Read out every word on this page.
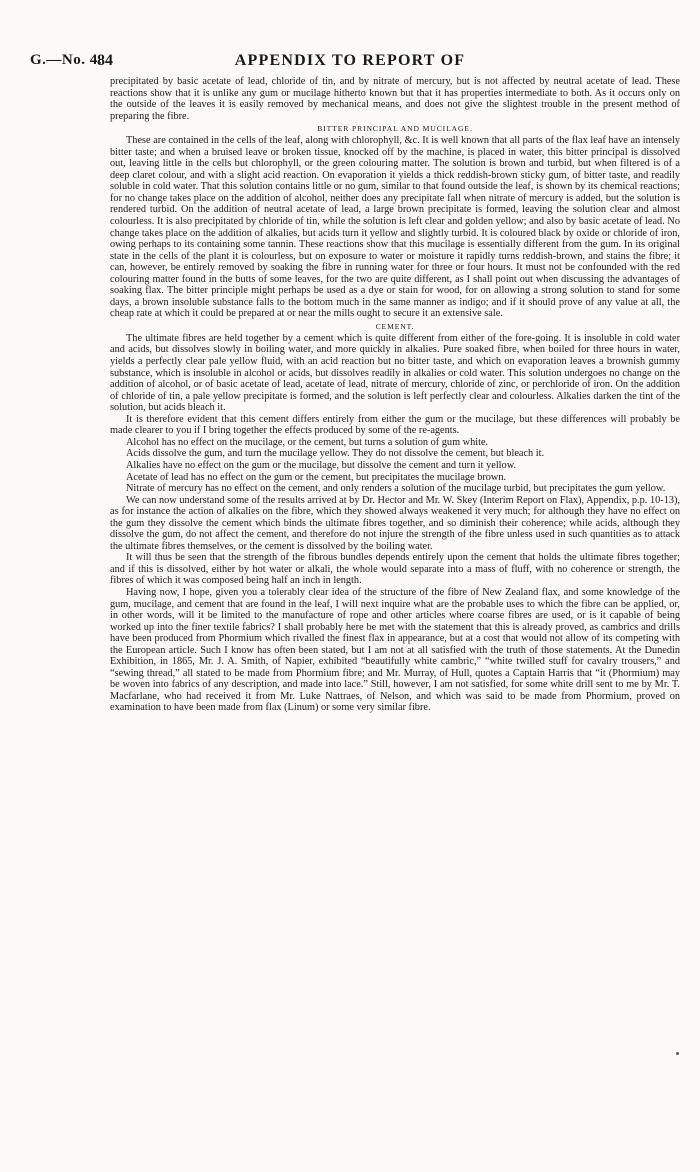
G.—No. 4.
84	APPENDIX TO REPORT OF

precipitated by basic acetate of lead, chloride of tin, and by nitrate of mercury, but is not affected by neutral acetate of lead. These reactions show that it is unlike any gum or mucilage hitherto known but that it has properties intermediate to both. As it occurs only on the outside of the leaves it is easily removed by mechanical means, and does not give the slightest trouble in the present method of preparing the fibre.

BITTER PRINCIPAL AND MUCILAGE.

These are contained in the cells of the leaf, along with chlorophyll, &c. It is well known that all parts of the flax leaf have an intensely bitter taste; and when a bruised leave or broken tissue, knocked off by the machine, is placed in water, this bitter principal is dissolved out, leaving little in the cells but chlorophyll, or the green colouring matter. The solution is brown and turbid, but when filtered is of a deep claret colour, and with a slight acid reaction. On evaporation it yields a thick reddish-brown sticky gum, of bitter taste, and readily soluble in cold water. That this solution contains little or no gum, similar to that found outside the leaf, is shown by its chemical reactions; for no change takes place on the addition of alcohol, neither does any precipitate fall when nitrate of mercury is added, but the solution is rendered turbid. On the addition of neutral acetate of lead, a large brown precipitate is formed, leaving the solution clear and almost colourless. It is also precipitated by chloride of tin, while the solution is left clear and golden yellow; and also by basic acetate of lead. No change takes place on the addition of alkalies, but acids turn it yellow and slightly turbid. It is coloured black by oxide or chloride of iron, owing perhaps to its containing some tannin. These reactions show that this mucilage is essentially different from the gum. In its original state in the cells of the plant it is colourless, but on exposure to water or moisture it rapidly turns reddish-brown, and stains the fibre; it can, however, be entirely removed by soaking the fibre in running water for three or four hours. It must not be confounded with the red colouring matter found in the butts of some leaves, for the two are quite different, as I shall point out when discussing the advantages of soaking flax. The bitter principle might perhaps be used as a dye or stain for wood, for on allowing a strong solution to stand for some days, a brown insoluble substance falls to the bottom much in the same manner as indigo; and if it should prove of any value at all, the cheap rate at which it could be prepared at or near the mills ought to secure it an extensive sale.

CEMENT.

The ultimate fibres are held together by a cement which is quite different from either of the fore-going. It is insoluble in cold water and acids, but dissolves slowly in boiling water, and more quickly in alkalies. Pure soaked fibre, when boiled for three hours in water, yields a perfectly clear pale yellow fluid, with an acid reaction but no bitter taste, and which on evaporation leaves a brownish gummy substance, which is insoluble in alcohol or acids, but dissolves readily in alkalies or cold water. This solution undergoes no change on the addition of alcohol, or of basic acetate of lead, acetate of lead, nitrate of mercury, chloride of zinc, or perchloride of iron. On the addition of chloride of tin, a pale yellow precipitate is formed, and the solution is left perfectly clear and colourless. Alkalies darken the tint of the solution, but acids bleach it.

It is therefore evident that this cement differs entirely from either the gum or the mucilage, but these differences will probably be made clearer to you if I bring together the effects produced by some of the re-agents.

Alcohol has no effect on the mucilage, or the cement, but turns a solution of gum white.

Acids dissolve the gum, and turn the mucilage yellow. They do not dissolve the cement, but bleach it.

Alkalies have no effect on the gum or the mucilage, but dissolve the cement and turn it yellow.

Acetate of lead has no effect on the gum or the cement, but precipitates the mucilage brown.

Nitrate of mercury has no effect on the cement, and only renders a solution of the mucilage turbid, but precipitates the gum yellow.

We can now understand some of the results arrived at by Dr. Hector and Mr. W. Skey (Interim Report on Flax), Appendix, p.p. 10-13), as for instance the action of alkalies on the fibre, which they showed always weakened it very much; for although they have no effect on the gum they dissolve the cement which binds the ultimate fibres together, and so diminish their coherence; while acids, although they dissolve the gum, do not affect the cement, and therefore do not injure the strength of the fibre unless used in such quantities as to attack the ultimate fibres themselves, or the cement is dissolved by the boiling water.

It will thus be seen that the strength of the fibrous bundles depends entirely upon the cement that holds the ultimate fibres together; and if this is dissolved, either by hot water or alkali, the whole would separate into a mass of fluff, with no coherence or strength, the fibres of which it was composed being half an inch in length.

Having now, I hope, given you a tolerably clear idea of the structure of the fibre of New Zealand flax, and some knowledge of the gum, mucilage, and cement that are found in the leaf, I will next inquire what are the probable uses to which the fibre can be applied, or, in other words, will it be limited to the manufacture of rope and other articles where coarse fibres are used, or is it capable of being worked up into the finer textile fabrics? I shall probably here be met with the statement that this is already proved, as cambrics and drills have been produced from Phormium which rivalled the finest flax in appearance, but at a cost that would not allow of its competing with the European article. Such I know has often been stated, but I am not at all satisfied with the truth of those statements. At the Dunedin Exhibition, in 1865, Mr. J. A. Smith, of Napier, exhibited “beautifully white cambric,” “white twilled stuff for cavalry trousers,” and “sewing thread,” all stated to be made from Phormium fibre; and Mr. Murray, of Hull, quotes a Captain Harris that “it (Phormium) may be woven into fabrics of any description, and made into lace.” Still, however, I am not satisfied, for some white drill sent to me by Mr. T. Macfarlane, who had received it from Mr. Luke Nattraes, of Nelson, and which was said to be made from Phormium, proved on examination to have been made from flax (Linum) or some very similar fibre.
